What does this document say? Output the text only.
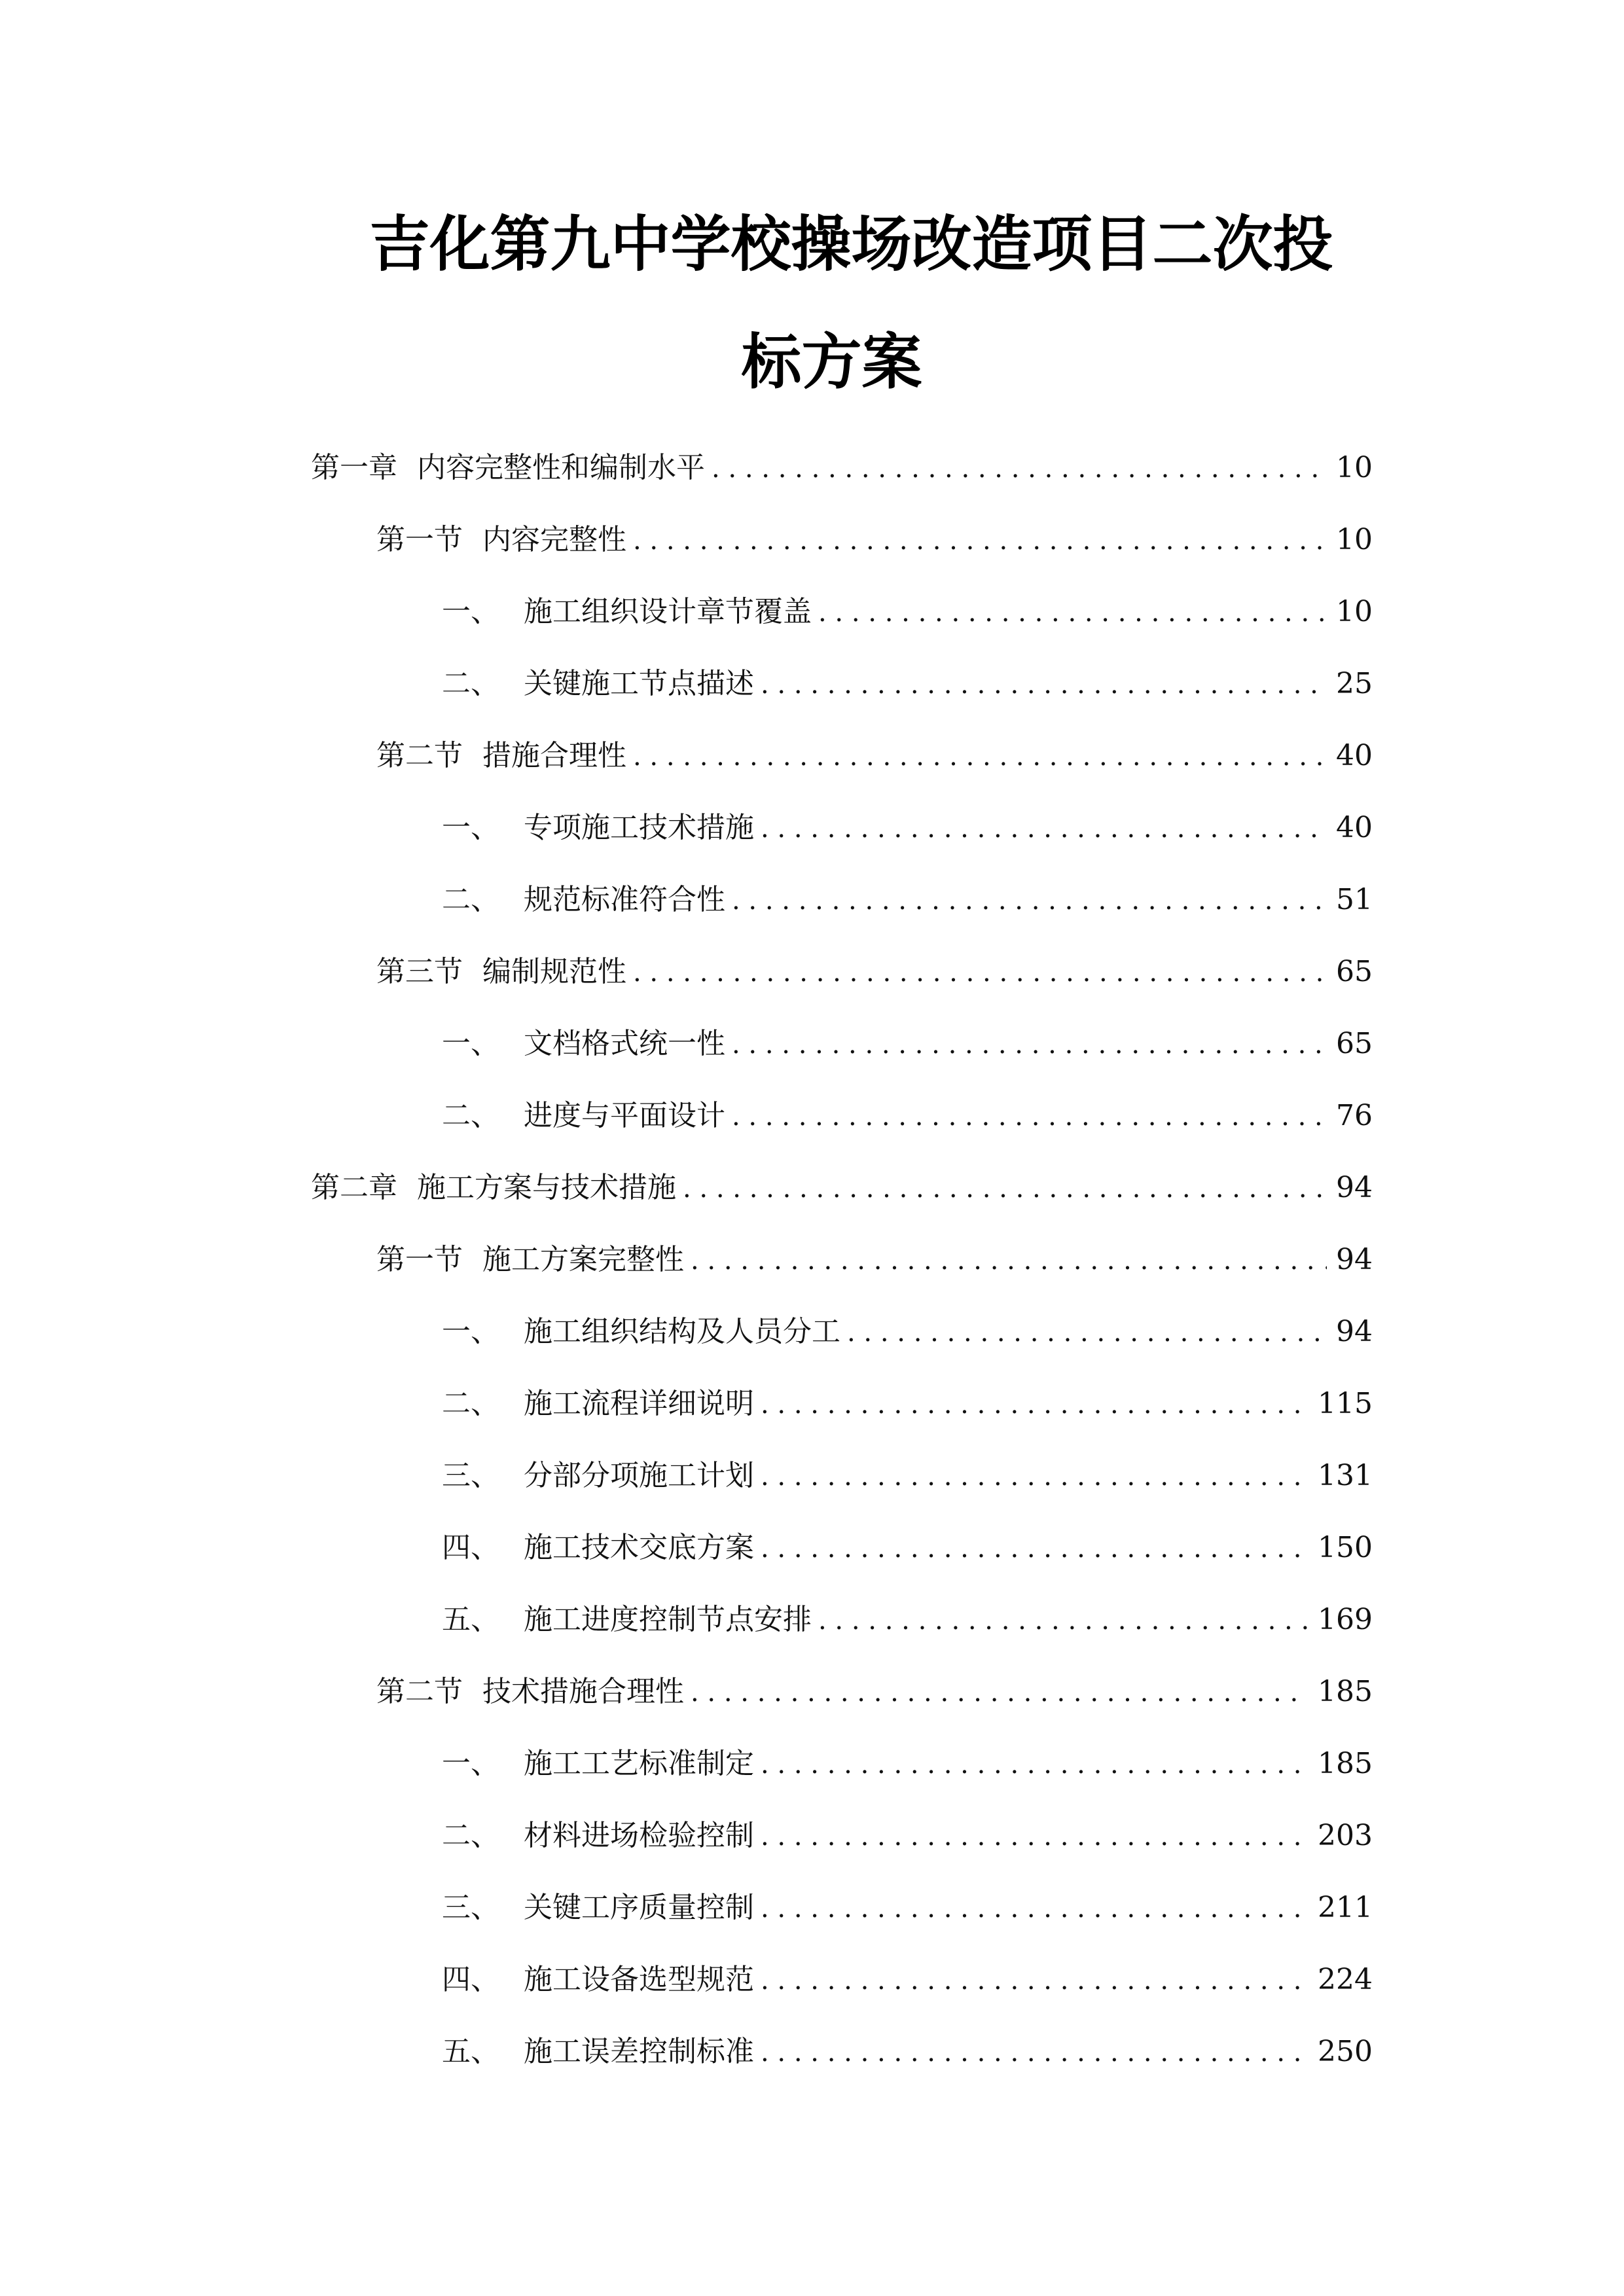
吉化第九中学校操场改造项目二次投
标方案
第一章 内容完整性和编制水平 . . .	10
第一节 内容完整性 . . .	10
一、 施工组织设计章节覆盖 . . .	10
二、 关键施工节点描述 . . .	25
第二节 措施合理性 . . .	40
一、 专项施工技术措施 . . .	40
二、 规范标准符合性 . . .	51
第三节 编制规范性 . . .	65
一、 文档格式统一性 . . .	65
二、 进度与平面设计 . . .	76
第二章 施工方案与技术措施 . . .	94
第一节 施工方案完整性 . . .	94
一、 施工组织结构及人员分工 . . .	94
二、 施工流程详细说明 . . .	115
三、 分部分项施工计划 . . .	131
四、 施工技术交底方案 . . .	150
五、 施工进度控制节点安排 . . .	169
第二节 技术措施合理性 . . .	185
一、 施工工艺标准制定 . . .	185
二、 材料进场检验控制 . . .	203
三、 关键工序质量控制 . . .	211
四、 施工设备选型规范 . . .	224
五、 施工误差控制标准 . . .	250
